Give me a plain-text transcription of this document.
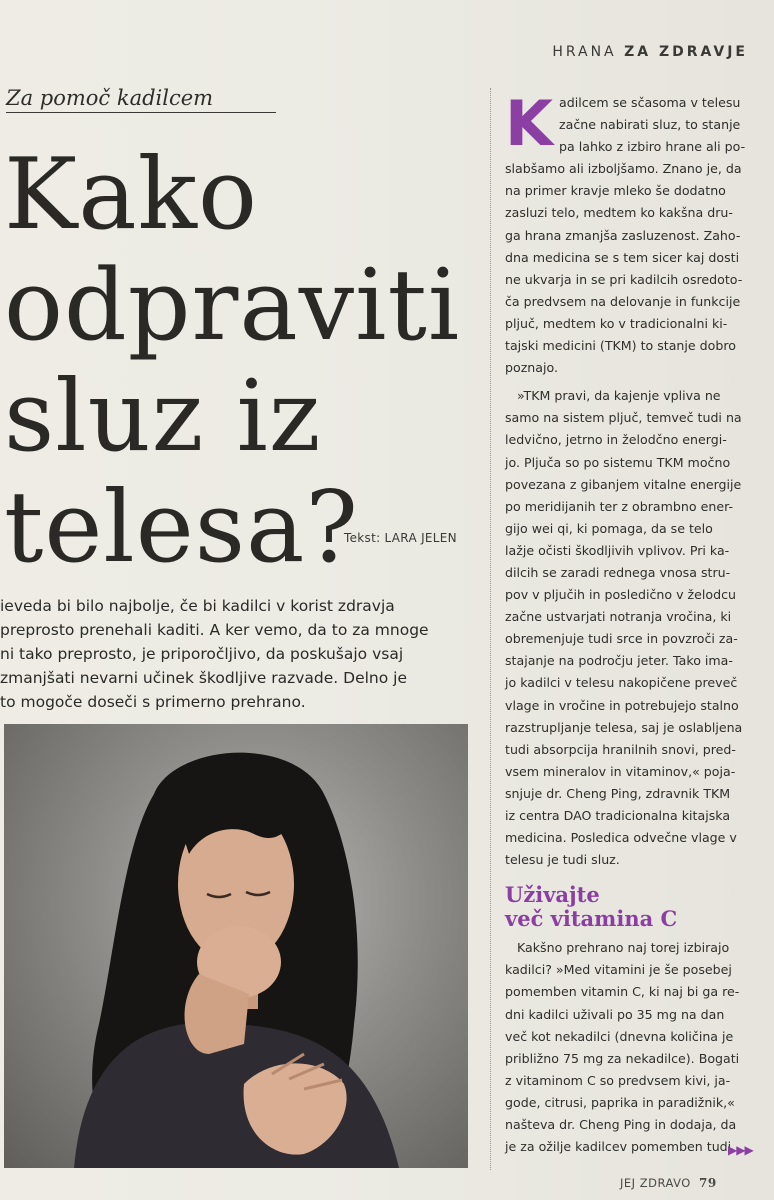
HRANA ZA ZDRAVJE
Za pomoč kadilcem
Kako
odpraviti
sluz iz
telesa?
Tekst: LARA JELEN

ieveda bi bilo najbolje, če bi kadilci v korist zdravja

preprosto prenehali kaditi. A ker vemo, da to za mnoge

ni tako preprosto, je priporočljivo, da poskušajo vsaj

zmanjšati nevarni učinek škodljive razvade. Delno je

to mogoče doseči s primerno prehrano.

K adilcem se sčasoma v telesu
začne nabirati sluz, to stanje
pa lahko z izbiro hrane ali po-
slabšamo ali izboljšamo. Znano je, da
na primer kravje mleko še dodatno
zasluzi telo, medtem ko kakšna dru-
ga hrana zmanjša zasluzenost. Zaho-
dna medicina se s tem sicer kaj dosti
ne ukvarja in se pri kadilcih osredoto-
ča predvsem na delovanje in funkcije
pljuč, medtem ko v tradicionalni ki-
tajski medicini (TKM) to stanje dobro
poznajo.

»TKM pravi, da kajenje vpliva ne
samo na sistem pljuč, temveč tudi na
ledvično, jetrno in želodčno energi-
jo. Pljuča so po sistemu TKM močno
povezana z gibanjem vitalne energije
po meridijanih ter z obrambno ener-
gijo wei qi, ki pomaga, da se telo
lažje očisti škodljivih vplivov. Pri ka-
dilcih se zaradi rednega vnosa stru-
pov v pljučih in posledično v želodcu
začne ustvarjati notranja vročina, ki
obremenjuje tudi srce in povzroči za-
stajanje na področju jeter. Tako ima-
jo kadilci v telesu nakopičene preveč
vlage in vročine in potrebujejo stalno
razstrupljanje telesa, saj je oslabljena
tudi absorpcija hranilnih snovi, pred-
vsem mineralov in vitaminov,« poja-
snjuje dr. Cheng Ping, zdravnik TKM
iz centra DAO tradicionalna kitajska
medicina. Posledica odvečne vlage v
telesu je tudi sluz.

Uživajte
več vitamina C

Kakšno prehrano naj torej izbirajo
kadilci? »Med vitamini je še posebej
pomemben vitamin C, ki naj bi ga re-
dni kadilci uživali po 35 mg na dan
več kot nekadilci (dnevna količina je
približno 75 mg za nekadilce). Bogati
z vitaminom C so predvsem kivi, ja-
gode, citrusi, paprika in paradižnik,«
našteva dr. Cheng Ping in dodaja, da
je za ožilje kadilcev pomemben tudi

▶▶▶
JEJ ZDRAVO 79
